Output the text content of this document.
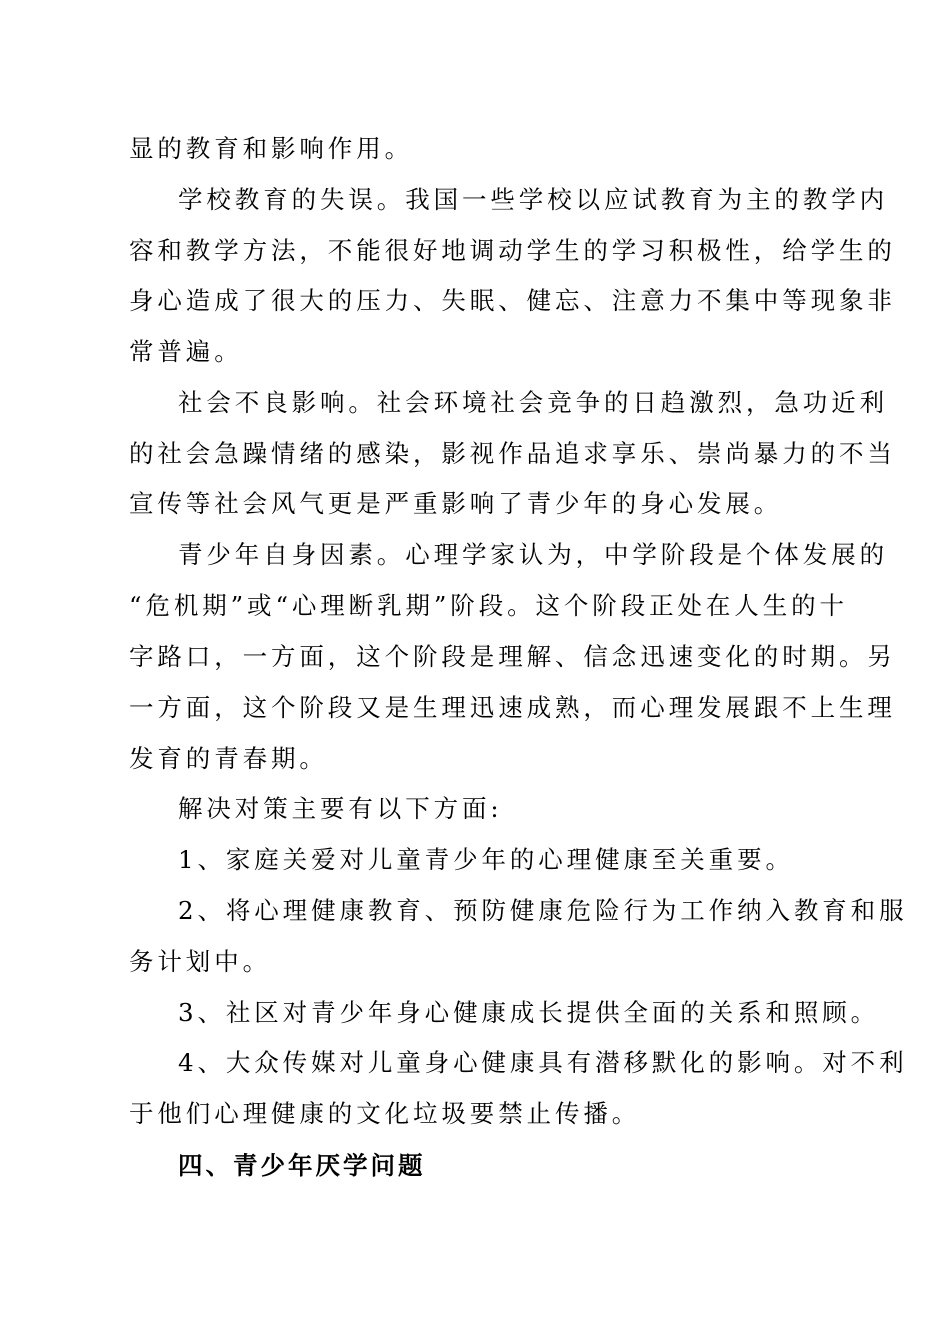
显的教育和影响作用。
学校教育的失误。我国一些学校以应试教育为主的教学内
容和教学方法，不能很好地调动学生的学习积极性，给学生的
身心造成了很大的压力、失眠、健忘、注意力不集中等现象非
常普遍。
社会不良影响。社会环境社会竞争的日趋激烈，急功近利
的社会急躁情绪的感染，影视作品追求享乐、崇尚暴力的不当
宣传等社会风气更是严重影响了青少年的身心发展。
青少年自身因素。心理学家认为，中学阶段是个体发展的
“危机期”或“心理断乳期”阶段。这个阶段正处在人生的十
字路口，一方面，这个阶段是理解、信念迅速变化的时期。另
一方面，这个阶段又是生理迅速成熟，而心理发展跟不上生理
发育的青春期。
解决对策主要有以下方面:
1、家庭关爱对儿童青少年的心理健康至关重要。
2、将心理健康教育、预防健康危险行为工作纳入教育和服
务计划中。
3、社区对青少年身心健康成长提供全面的关系和照顾。
4、大众传媒对儿童身心健康具有潜移默化的影响。对不利
于他们心理健康的文化垃圾要禁止传播。
四、青少年厌学问题
